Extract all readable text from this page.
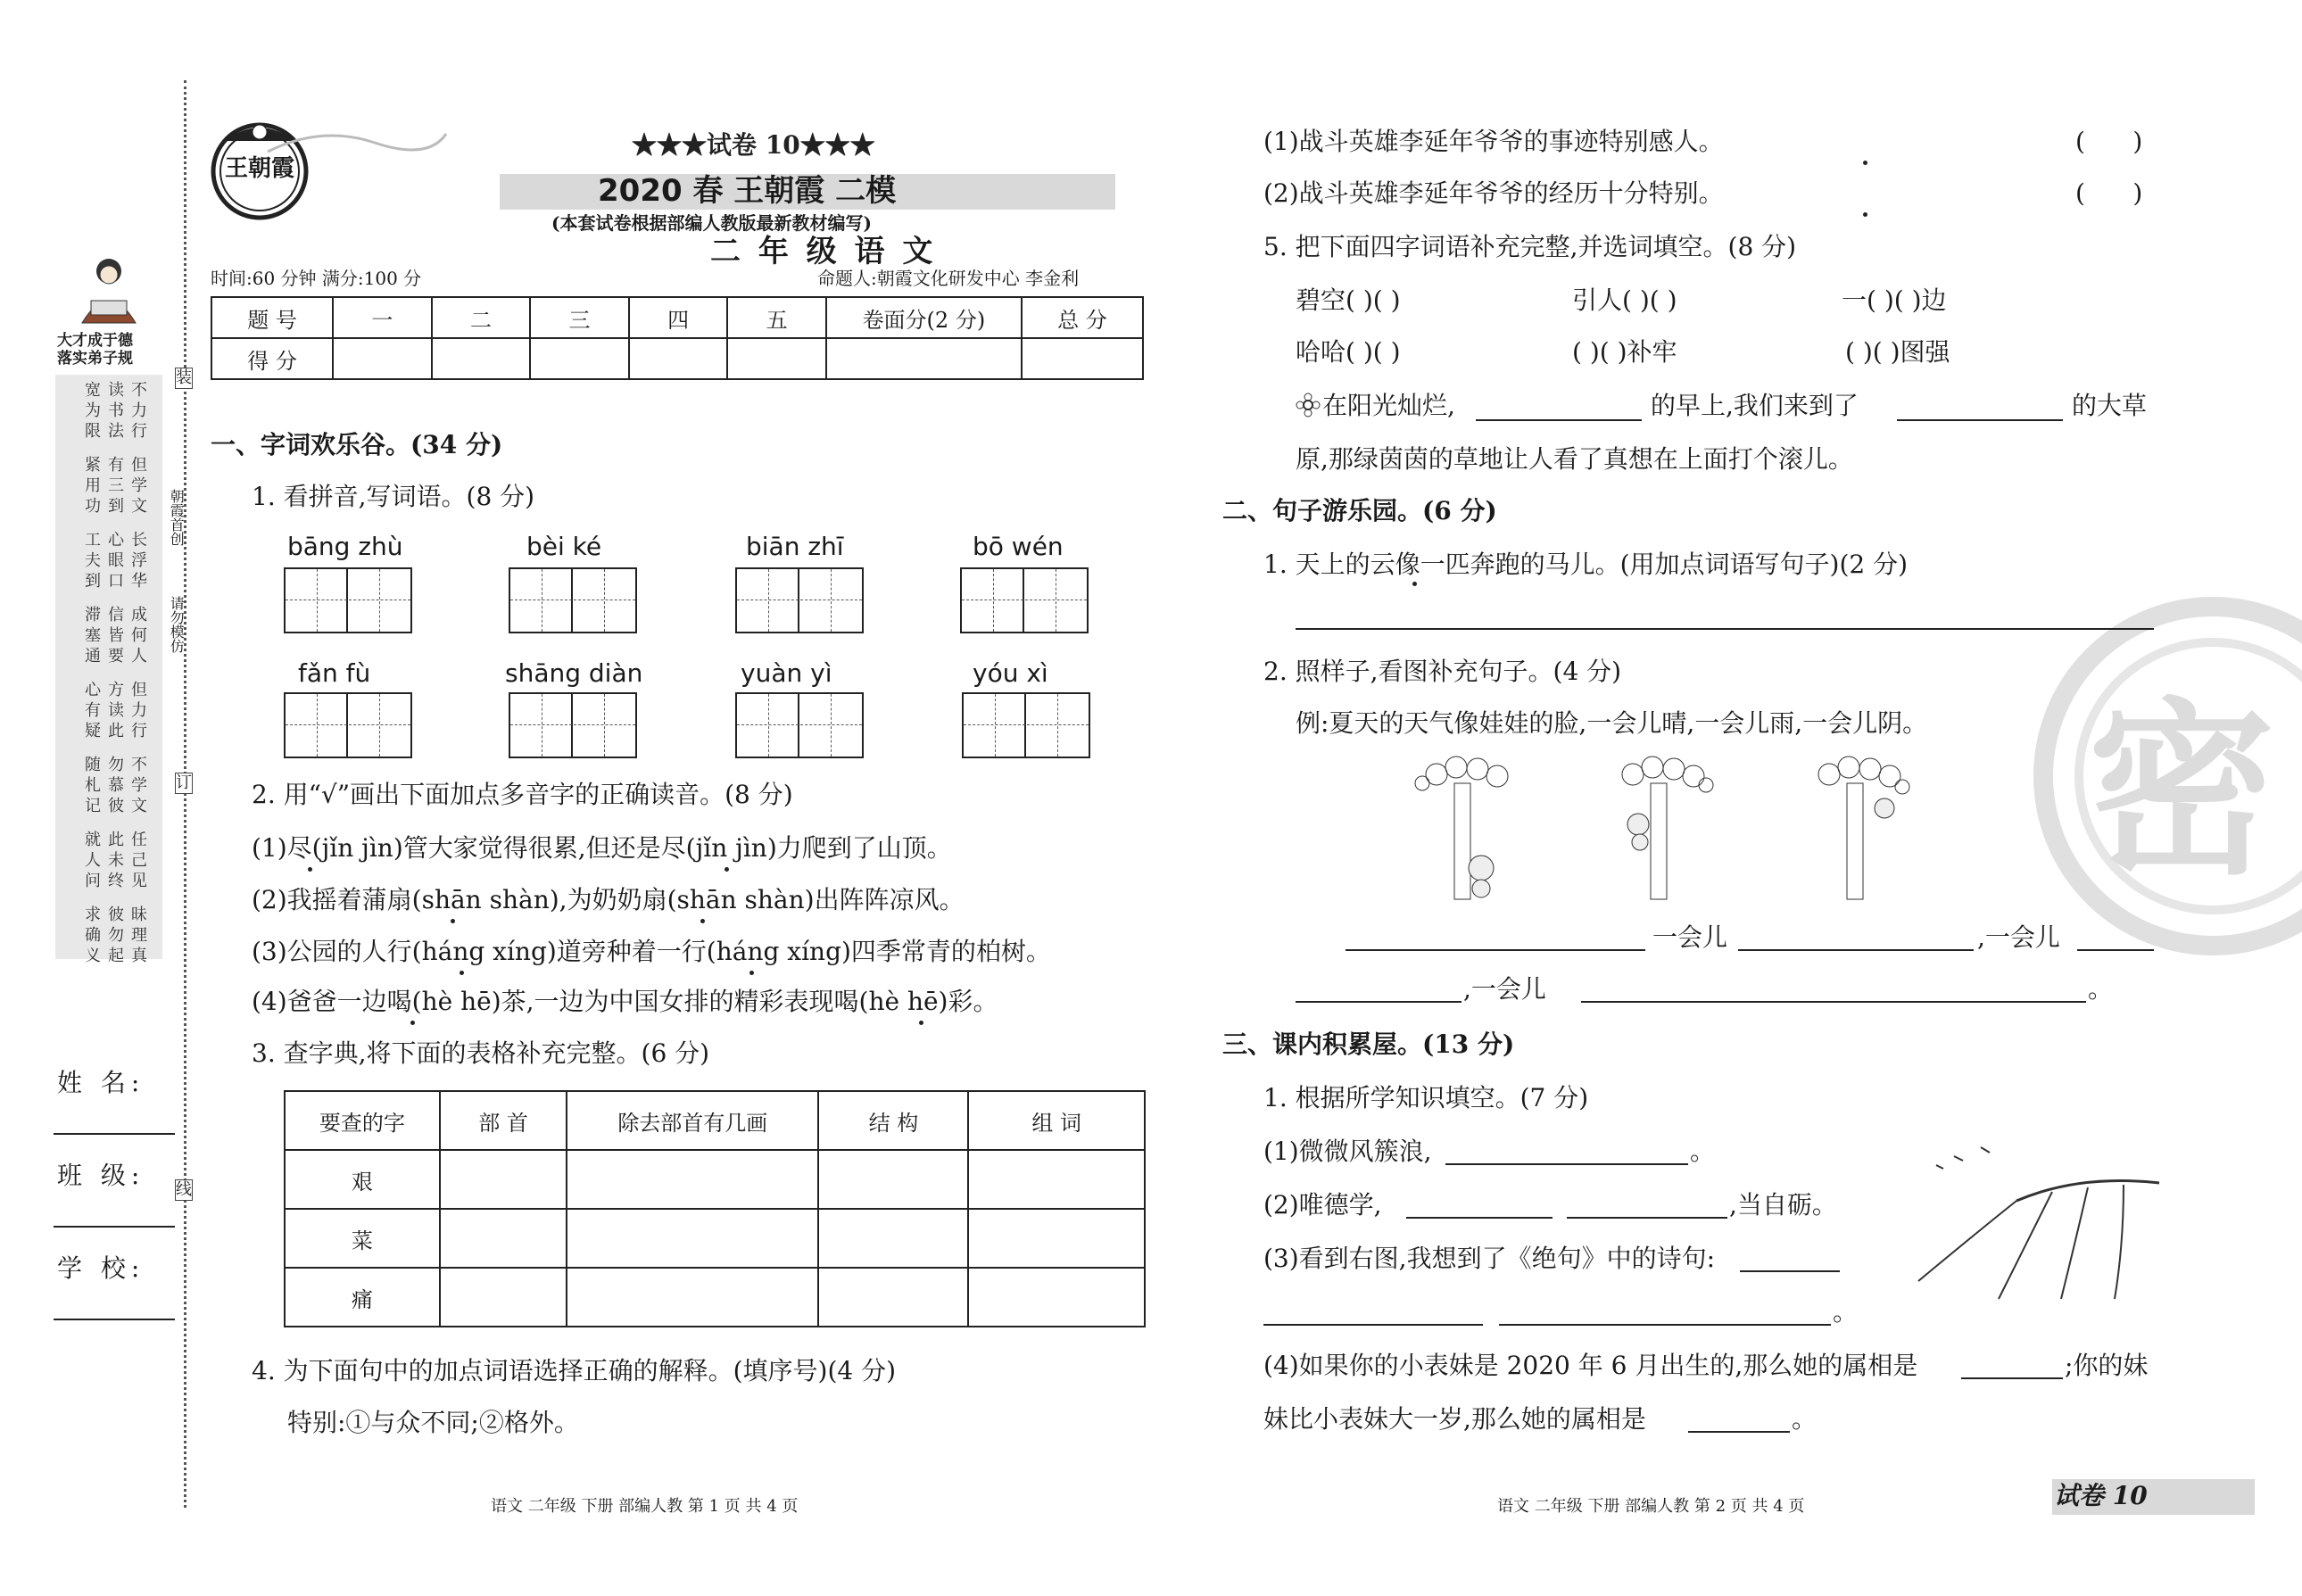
大才成于德
落实弟子规
不力行
读书法
宽为限
但学文
有三到
紧用功
长浮华
心眼口
工夫到
成何人
信皆要
滞塞通
但力行
方读此
心有疑
不学文
勿慕彼
随札记
任己见
此未终
就人问
昧理真
彼勿起
求确义
朝霞首创
请勿模仿
装
订
线
姓 名:
班 级:
学 校:
王朝霞
★★★试卷 10★★★
2020 春 王朝霞 二模
(本套试卷根据部编人教版最新教材编写)
二 年 级 语 文
时间:60 分钟 满分:100 分	命题人:朝霞文化研发中心 李金利
题 号	一	二	三	四	五	卷面分(2 分)	总 分
得 分							
一、字词欢乐谷。(34 分)
1. 看拼音,写词语。(8 分)
bāng zhù	bèi ké	biān zhī	bō wén
fǎn fù	shāng diàn	yuàn yì	yóu xì
2. 用“√”画出下面加点多音字的正确读音。(8 分)
(1)尽(jǐn jìn)管大家觉得很累,但还是尽(jǐn jìn)力爬到了山顶。
(2)我摇着蒲扇(shān shàn),为奶奶扇(shān shàn)出阵阵凉风。
(3)公园的人行(háng xíng)道旁种着一行(háng xíng)四季常青的柏树。
(4)爸爸一边喝(hè hē)茶,一边为中国女排的精彩表现喝(hè hē)彩。
3. 查字典,将下面的表格补充完整。(6 分)
要查的字	部 首	除去部首有几画	结 构	组 词
艰				
菜				
痛				
4. 为下面句中的加点词语选择正确的解释。(填序号)(4 分)
特别:①与众不同;②格外。
语文 二年级 下册 部编人教 第 1 页 共 4 页
密
(1)战斗英雄李延年爷爷的事迹特别感人。	(      )
(2)战斗英雄李延年爷爷的经历十分特别。	(      )
5. 把下面四字词语补充完整,并选词填空。(8 分)
碧空( )( )	引人( )( )	一( )( )边
哈哈( )( )	( )( )补牢	( )( )图强
在阳光灿烂,	的早上,我们来到了	的大草
原,那绿茵茵的草地让人看了真想在上面打个滚儿。
二、句子游乐园。(6 分)
1. 天上的云像一匹奔跑的马儿。(用加点词语写句子)(2 分)
2. 照样子,看图补充句子。(4 分)
例:夏天的天气像娃娃的脸,一会儿晴,一会儿雨,一会儿阴。
一会儿	,一会儿
,一会儿	。
三、课内积累屋。(13 分)
1. 根据所学知识填空。(7 分)
(1)微微风簇浪,	。
(2)唯德学,	,当自砺。
(3)看到右图,我想到了《绝句》中的诗句:
。
(4)如果你的小表妹是 2020 年 6 月出生的,那么她的属相是	;你的妹
妹比小表妹大一岁,那么她的属相是	。
语文 二年级 下册 部编人教 第 2 页 共 4 页	试卷 10
